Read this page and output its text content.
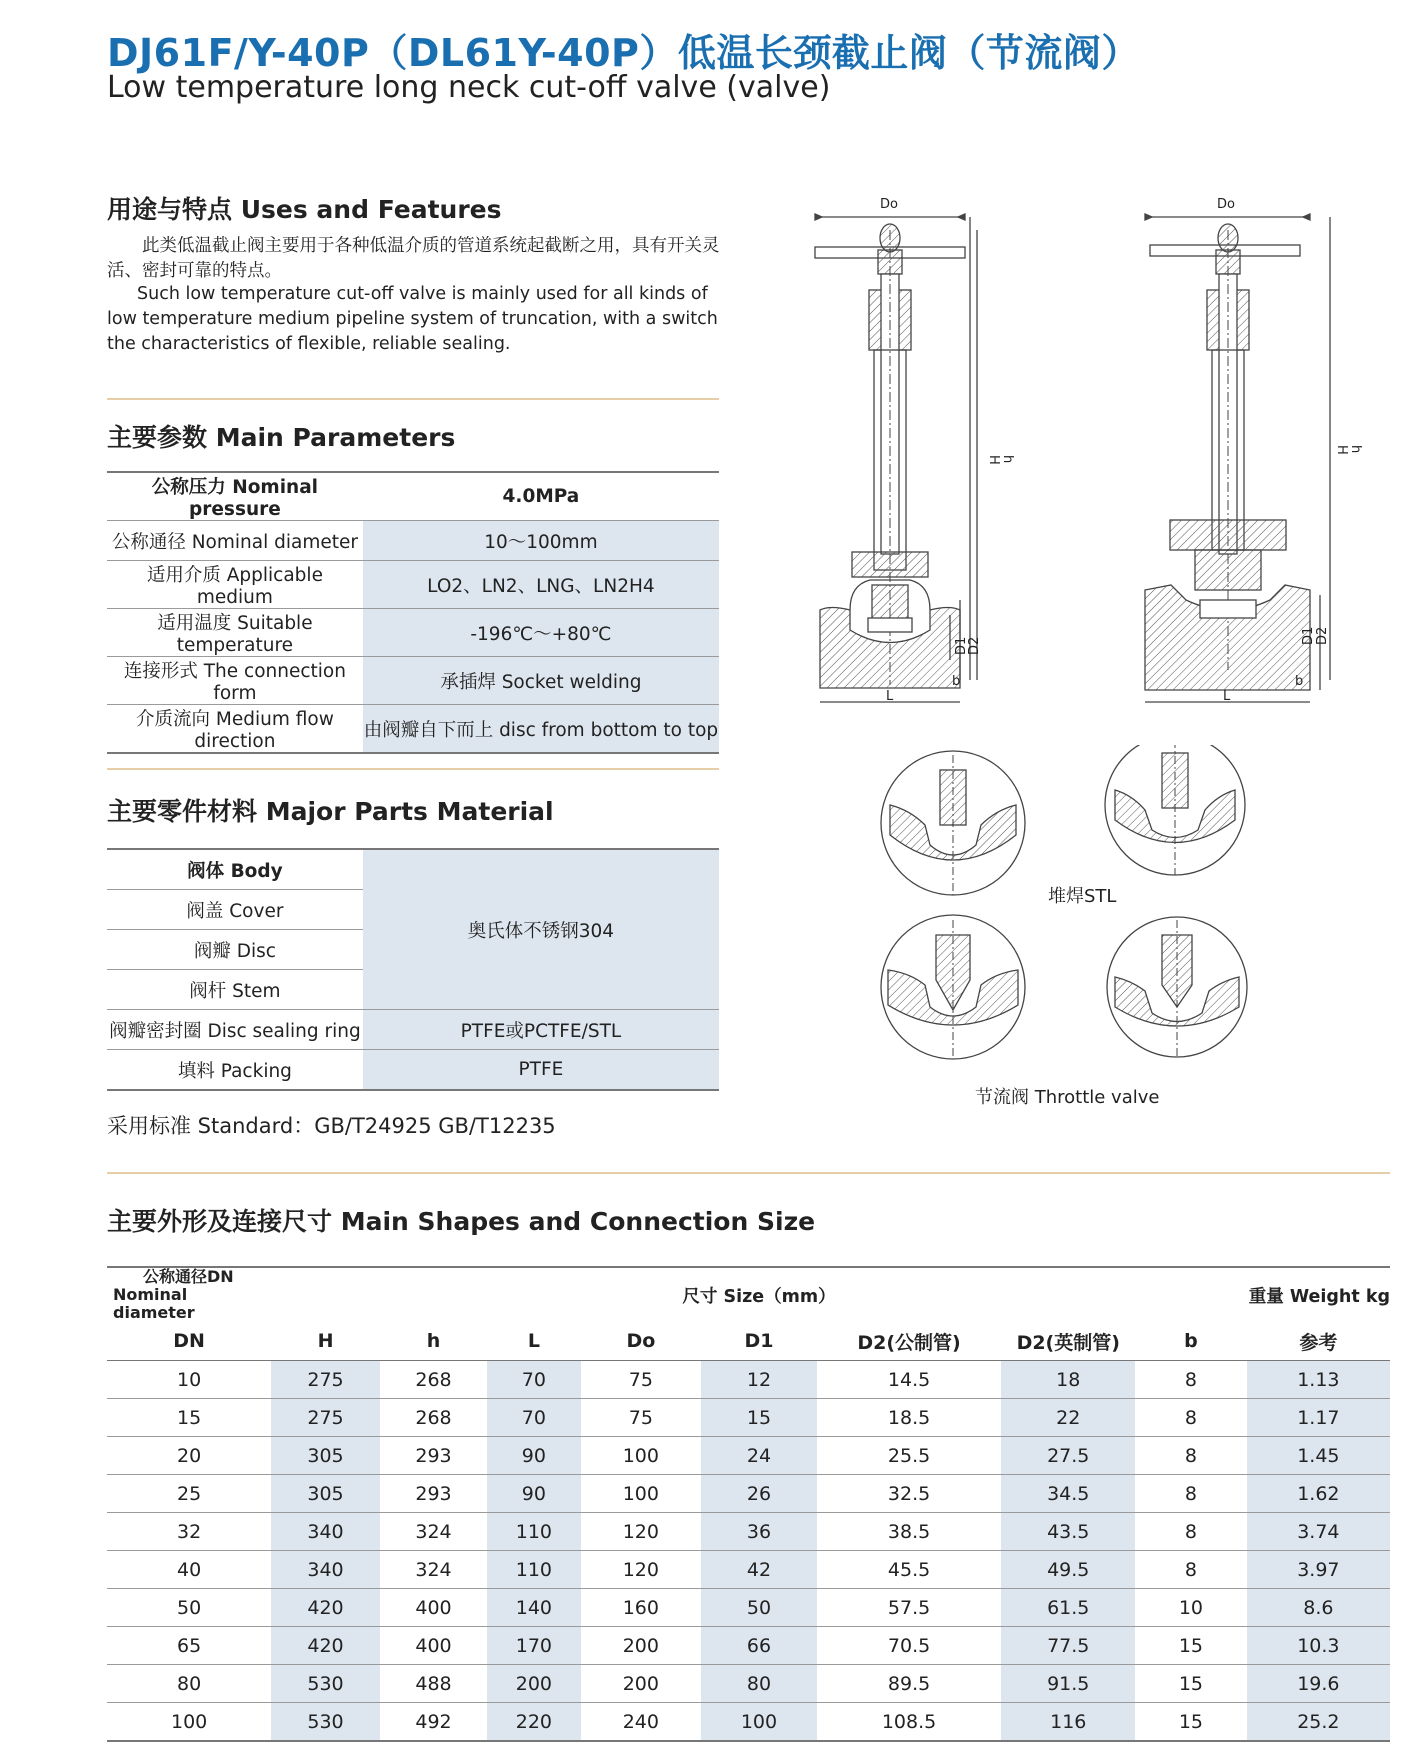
DJ61F/Y-40P（DL61Y-40P）低温长颈截止阀（节流阀）
Low temperature long neck cut-off valve (valve)
用途与特点 Uses and Features
此类低温截止阀主要用于各种低温介质的管道系统起截断之用，具有开关灵活、密封可靠的特点。
Such low temperature cut-off valve is mainly used for all kinds of low temperature medium pipeline system of truncation, with a switch the characteristics of flexible, reliable sealing.
主要参数 Main Parameters
公称压力 Nominal pressure	4.0MPa
公称通径 Nominal diameter	10～100mm
适用介质 Applicable medium	LO2、LN2、LNG、LN2H4
适用温度 Suitable temperature	-196℃～+80℃
连接形式 The connection form	承插焊 Socket welding
介质流向 Medium flow direction	由阀瓣自下而上 disc from bottom to top
主要零件材料 Major Parts Material
阀体 Body	奥氏体不锈钢304
阀盖 Cover	
阀瓣 Disc	
阀杆 Stem	
阀瓣密封圈 Disc sealing ring	PTFE或PCTFE/STL
填料 Packing	PTFE
采用标准 Standard：GB/T24925 GB/T12235
Do
H h
D1
D2
L
b
Do
H h
D1 D2
L
b
堆焊STL
节流阀 Throttle valve
主要外形及连接尺寸 Main Shapes and Connection Size
公称通径DN
Nominal diameter	尺寸 Size（mm）								重量 Weight kg
DN	H	h	L	Do	D1	D2(公制管)	D2(英制管)	b	参考
10	275	268	70	75	12	14.5	18	8	1.13
15	275	268	70	75	15	18.5	22	8	1.17
20	305	293	90	100	24	25.5	27.5	8	1.45
25	305	293	90	100	26	32.5	34.5	8	1.62
32	340	324	110	120	36	38.5	43.5	8	3.74
40	340	324	110	120	42	45.5	49.5	8	3.97
50	420	400	140	160	50	57.5	61.5	10	8.6
65	420	400	170	200	66	70.5	77.5	15	10.3
80	530	488	200	200	80	89.5	91.5	15	19.6
100	530	492	220	240	100	108.5	116	15	25.2
